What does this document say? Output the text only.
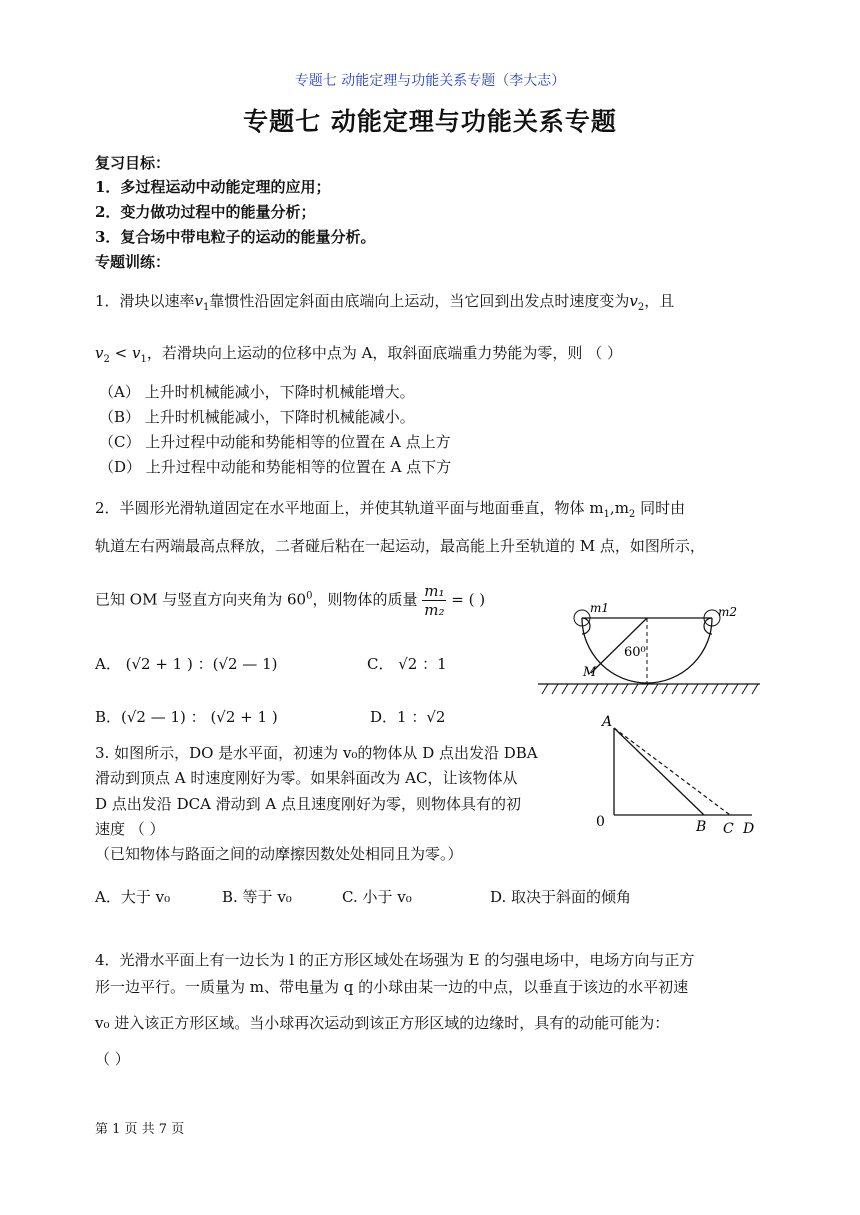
专题七 动能定理与功能关系专题（李大志）
专题七 动能定理与功能关系专题
复习目标：
1．多过程运动中动能定理的应用；
2．变力做功过程中的能量分析；
3．复合场中带电粒子的运动的能量分析。
专题训练：
1．滑块以速率$v_1$靠惯性沿固定斜面由底端向上运动，当它回到出发点时速度变为$v_2$，且
$v_2 < v_1$，若滑块向上运动的位移中点为 A，取斜面底端重力势能为零，则 （ ）
（A） 上升时机械能减小，下降时机械能增大。
（B） 上升时机械能减小，下降时机械能减小。
（C） 上升过程中动能和势能相等的位置在 A 点上方
（D） 上升过程中动能和势能相等的位置在 A 点下方
2．半圆形光滑轨道固定在水平地面上，并使其轨道平面与地面垂直，物体 $m_1,m_2$ 同时由
轨道左右两端最高点释放，二者碰后粘在一起运动，最高能上升至轨道的 M 点，如图所示，
已知 OM 与竖直方向夹角为 $60^0$，则物体的质量 $\frac{\text{m₁}}{\text{m₂}}$ = ( )
A． (√2 + 1 ) ：(√2 — 1)	C． √2 ：1
B．(√2 — 1) ： (√2 + 1 )	D．1 ：√2
m1	m2
M
60⁰
3. 如图所示，DO 是水平面，初速为 v₀的物体从 D 点出发沿 DBA
滑动到顶点 A 时速度刚好为零。如果斜面改为 AC，让该物体从
D 点出发沿 DCA 滑动到 A 点且速度刚好为零，则物体具有的初
速度 （ ）
（已知物体与路面之间的动摩擦因数处处相同且为零。）
A．大于 v₀	B. 等于 v₀	C. 小于 v₀	D. 取决于斜面的倾角
A
0	B C D
4．光滑水平面上有一边长为 l 的正方形区域处在场强为 E 的匀强电场中，电场方向与正方
形一边平行。一质量为 m、带电量为 q 的小球由某一边的中点，以垂直于该边的水平初速
v₀ 进入该正方形区域。当小球再次运动到该正方形区域的边缘时，具有的动能可能为：
（ ）
第 1 页 共 7 页
